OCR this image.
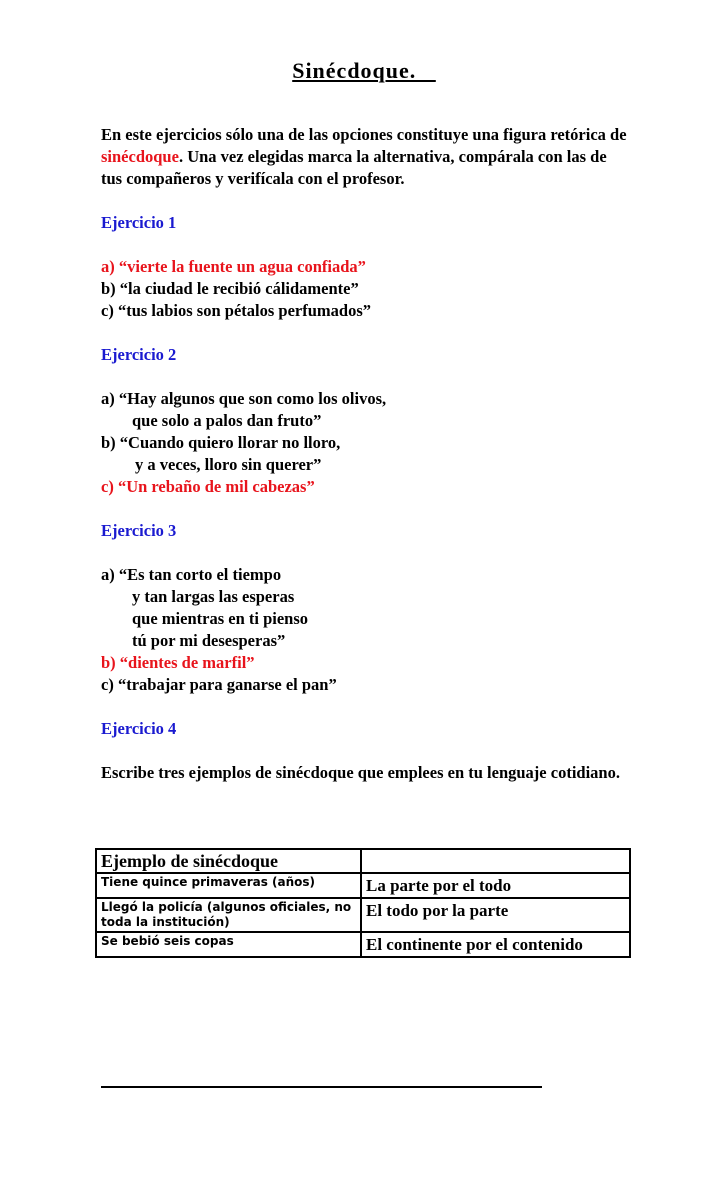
Sinécdoque.
En este ejercicios sólo una de las opciones constituye una figura retórica de sinécdoque. Una vez elegidas marca la alternativa, compárala con las de tus compañeros y verifícala con el profesor.
Ejercicio 1
a) “vierte la fuente un agua confiada”
b) “la ciudad le recibió cálidamente”
c) “tus labios son pétalos perfumados”
Ejercicio 2
a) “Hay algunos que son como los olivos,
que solo a palos dan fruto”
b) “Cuando quiero llorar no lloro,
y a veces, lloro sin querer”
c) “Un rebaño de mil cabezas”
Ejercicio 3
a) “Es tan corto el tiempo
y tan largas las esperas
que mientras en ti pienso
tú por mi desesperas”
b) “dientes de marfil”
c) “trabajar para ganarse el pan”
Ejercicio 4
Escribe tres ejemplos de sinécdoque que emplees en tu lenguaje cotidiano.
Ejemplo de sinécdoque	
Tiene quince primaveras (años)	La parte por el todo
Llegó la policía (algunos oficiales, no toda la institución)	El todo por la parte
Se bebió seis copas	El continente por el contenido
